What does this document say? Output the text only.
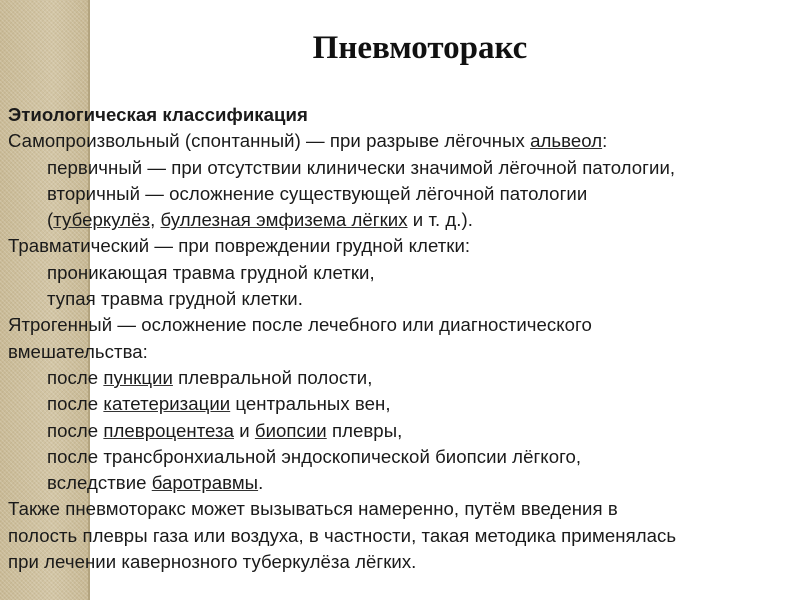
Пневмоторакс
Этиологическая классификация
Самопроизвольный (спонтанный) — при разрыве лёгочных альвеол:
первичный — при отсутствии клинически значимой лёгочной патологии,
вторичный — осложнение существующей лёгочной патологии
(туберкулёз, буллезная эмфизема лёгких и т. д.).
Травматический — при повреждении грудной клетки:
проникающая травма грудной клетки,
тупая травма грудной клетки.
Ятрогенный — осложнение после лечебного или диагностического
вмешательства:
после пункции плевральной полости,
после катетеризации центральных вен,
после плевроцентеза и биопсии плевры,
после трансбронхиальной эндоскопической биопсии лёгкого,
вследствие баротравмы.
Также пневмоторакс может вызываться намеренно, путём введения в
полость плевры газа или воздуха, в частности, такая методика применялась
при лечении кавернозного туберкулёза лёгких.
